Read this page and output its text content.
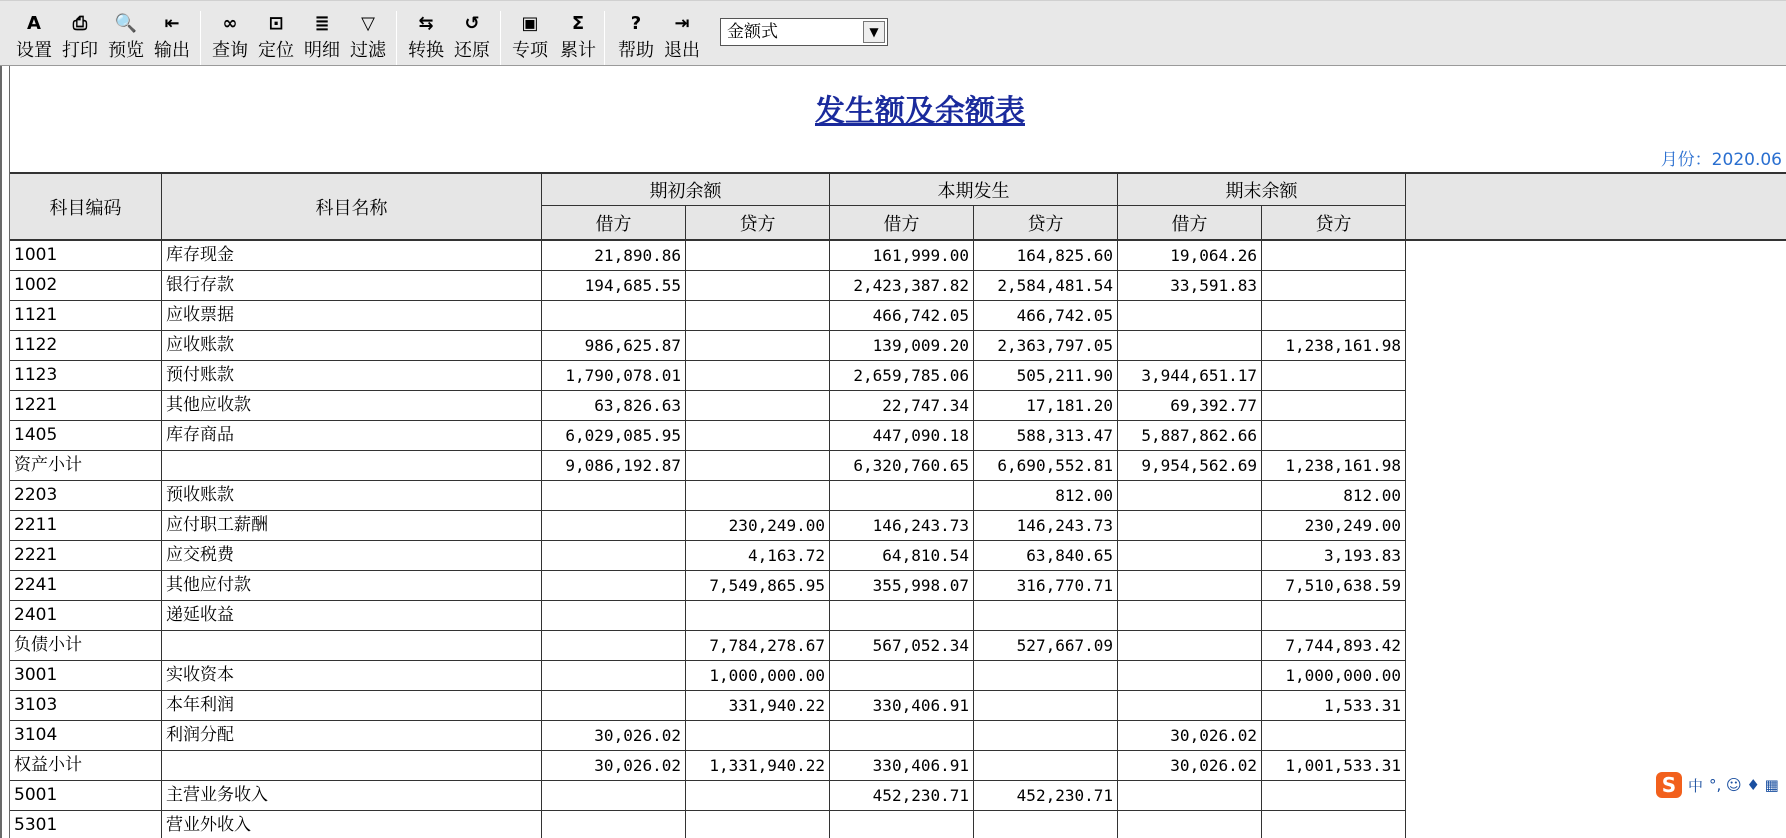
A
设置
⎙
打印
🔍
预览
⇤
输出
∞
查询
⊡
定位
≣
明细
▽
过滤
⇆
转换
↺
还原
▣
专项
Σ
累计
?
帮助
⇥
退出
金额式	▼
发生额及余额表
月份：2020.06
科目编码	科目名称
期初余额	本期发生	期末余额
借方	贷方	借方	贷方	借方	贷方
1001	库存现金	21,890.86	161,999.00	164,825.60	19,064.26
1002	银行存款	194,685.55	2,423,387.82	2,584,481.54	33,591.83
1121	应收票据	466,742.05	466,742.05
1122	应收账款	986,625.87	139,009.20	2,363,797.05	1,238,161.98
1123	预付账款	1,790,078.01	2,659,785.06	505,211.90	3,944,651.17
1221	其他应收款	63,826.63	22,747.34	17,181.20	69,392.77
1405	库存商品	6,029,085.95	447,090.18	588,313.47	5,887,862.66
资产小计	9,086,192.87	6,320,760.65	6,690,552.81	9,954,562.69	1,238,161.98
2203	预收账款	812.00	812.00
2211	应付职工薪酬	230,249.00	146,243.73	146,243.73	230,249.00
2221	应交税费	4,163.72	64,810.54	63,840.65	3,193.83
2241	其他应付款	7,549,865.95	355,998.07	316,770.71	7,510,638.59
2401	递延收益
负债小计	7,784,278.67	567,052.34	527,667.09	7,744,893.42
3001	实收资本	1,000,000.00	1,000,000.00
3103	本年利润	331,940.22	330,406.91	1,533.31
3104	利润分配	30,026.02	30,026.02
权益小计	30,026.02	1,331,940.22	330,406.91	30,026.02	1,001,533.31
5001	主营业务收入	452,230.71	452,230.71
5301	营业外收入
S 中 °, ☺ ♦ ▦
